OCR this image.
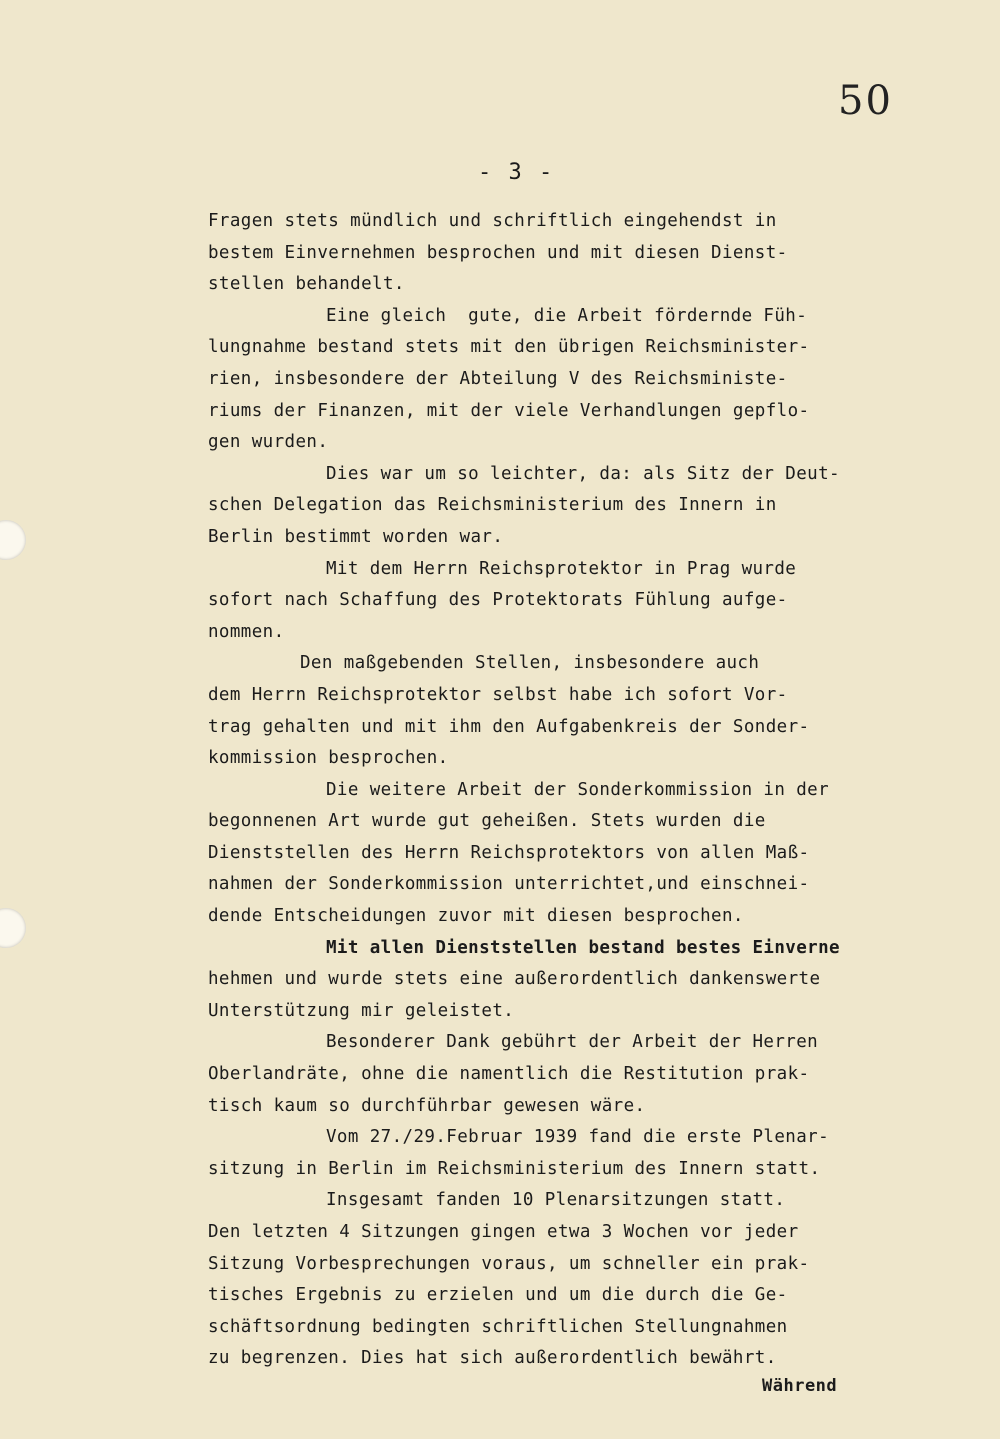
50
- 3 -
Fragen stets mündlich und schriftlich eingehendst in
bestem Einvernehmen besprochen und mit diesen Dienst-
stellen behandelt.
Eine gleich  gute, die Arbeit fördernde Füh-
lungnahme bestand stets mit den übrigen Reichsminister-
rien, insbesondere der Abteilung V des Reichsministe-
riums der Finanzen, mit der viele Verhandlungen gepflo-
gen wurden.
Dies war um so leichter, da: als Sitz der Deut-
schen Delegation das Reichsministerium des Innern in
Berlin bestimmt worden war.
Mit dem Herrn Reichsprotektor in Prag wurde
sofort nach Schaffung des Protektorats Fühlung aufge-
nommen.
Den maßgebenden Stellen, insbesondere auch
dem Herrn Reichsprotektor selbst habe ich sofort Vor-
trag gehalten und mit ihm den Aufgabenkreis der Sonder-
kommission besprochen.
Die weitere Arbeit der Sonderkommission in der
begonnenen Art wurde gut geheißen. Stets wurden die
Dienststellen des Herrn Reichsprotektors von allen Maß-
nahmen der Sonderkommission unterrichtet,und einschnei-
dende Entscheidungen zuvor mit diesen besprochen.
Mit allen Dienststellen bestand bestes Einverne
hehmen und wurde stets eine außerordentlich dankenswerte
Unterstützung mir geleistet.
Besonderer Dank gebührt der Arbeit der Herren
Oberlandräte, ohne die namentlich die Restitution prak-
tisch kaum so durchführbar gewesen wäre.
Vom 27./29.Februar 1939 fand die erste Plenar-
sitzung in Berlin im Reichsministerium des Innern statt.
Insgesamt fanden 10 Plenarsitzungen statt.
Den letzten 4 Sitzungen gingen etwa 3 Wochen vor jeder
Sitzung Vorbesprechungen voraus, um schneller ein prak-
tisches Ergebnis zu erzielen und um die durch die Ge-
schäftsordnung bedingten schriftlichen Stellungnahmen
zu begrenzen. Dies hat sich außerordentlich bewährt.
Während
